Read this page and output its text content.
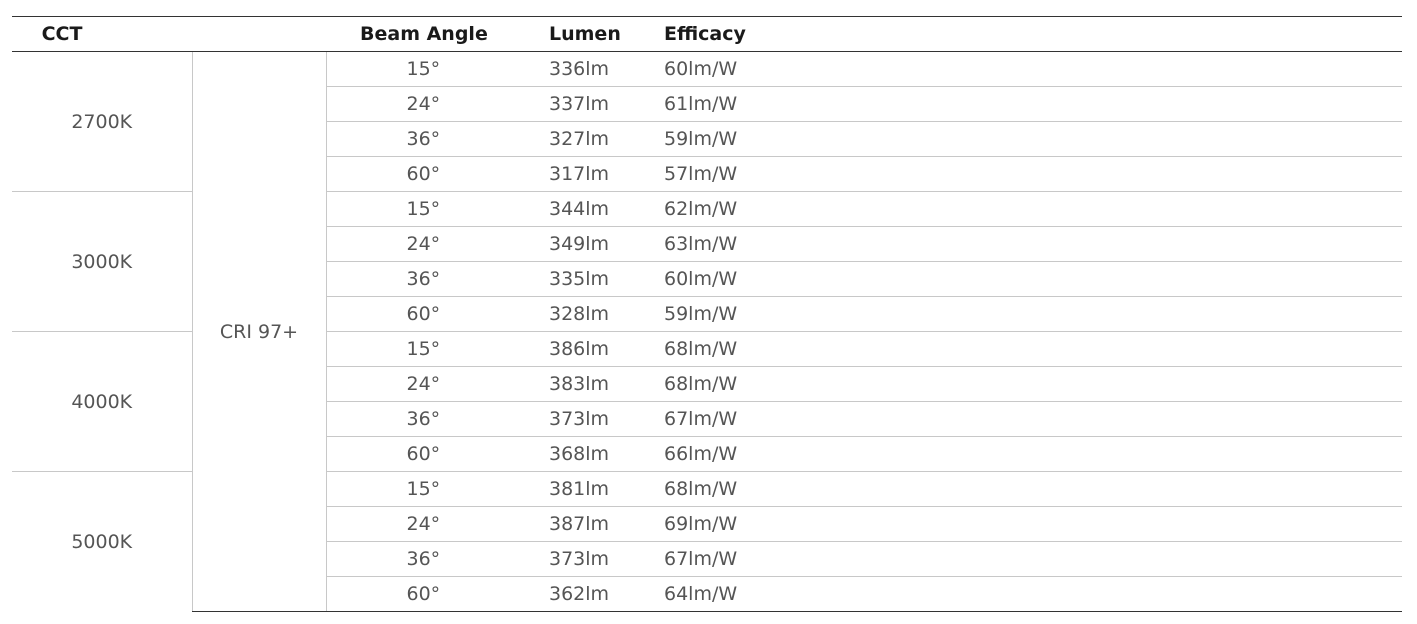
CCT		Beam Angle	Lumen	Efficacy
2700K	CRI 97+	15°	336lm	60lm/W
		24°	337lm	61lm/W
		36°	327lm	59lm/W
		60°	317lm	57lm/W
3000K		15°	344lm	62lm/W
		24°	349lm	63lm/W
		36°	335lm	60lm/W
		60°	328lm	59lm/W
4000K		15°	386lm	68lm/W
		24°	383lm	68lm/W
		36°	373lm	67lm/W
		60°	368lm	66lm/W
5000K		15°	381lm	68lm/W
		24°	387lm	69lm/W
		36°	373lm	67lm/W
		60°	362lm	64lm/W
